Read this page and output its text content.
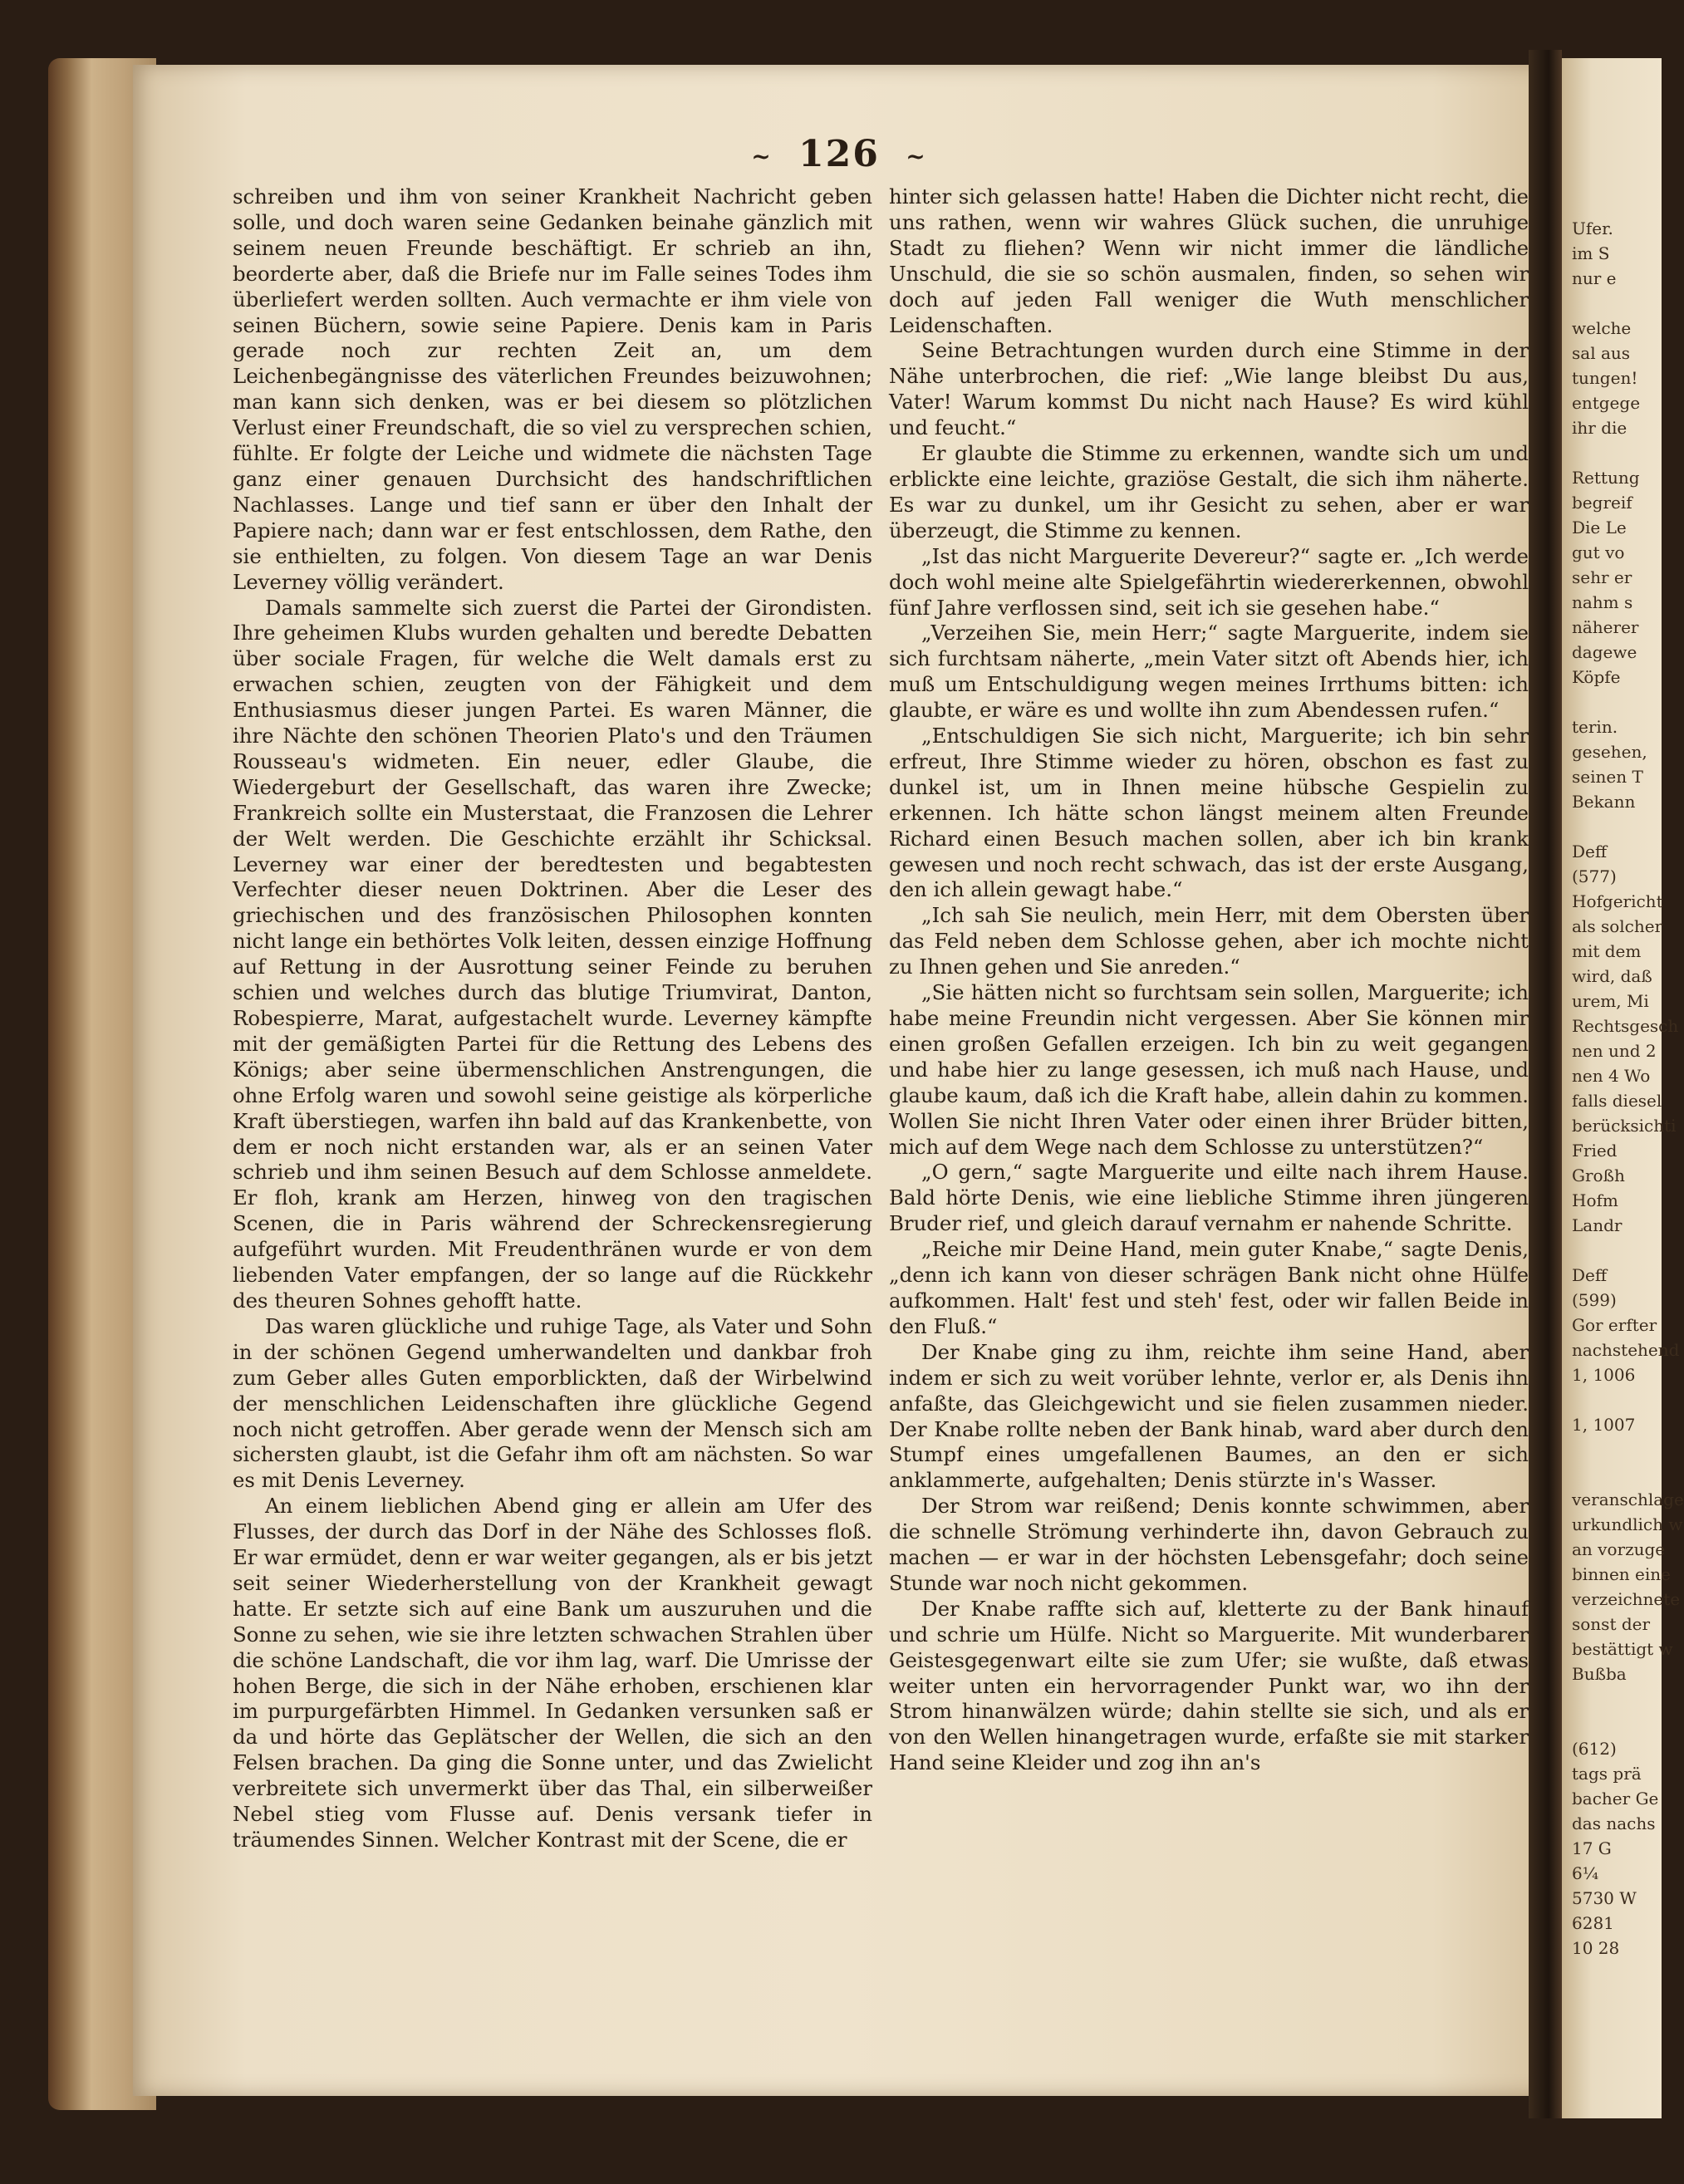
Ufer.
im S
nur e

welche
sal aus
tungen!
entgege
ihr die

Rettung
begreif
Die Le
gut vo
sehr er
nahm s
näherer
dagewe
Köpfe

terin.
gesehen,
seinen T
Bekann

Deff
(577)
Hofgericht
als solcher
mit dem
wird, daß
urem, Mi
Rechtsgesch
nen und 2
nen 4 Wo
falls diesel
berücksichti
Fried
Großh
Hofm
Landr

Deff
(599)
Gor erfter
nachstehend
1, 1006

1, 1007

veranschlage
urkundlich w
an vorzuge
binnen eine
verzeichnete
sonst der
bestättigt w
Bußba

(612)
tags prä
bacher Ge
das nachs
17 G
6¼
5730 W
6281
10 28
~ 126 ~

schreiben und ihm von seiner Krankheit Nachricht geben solle, und doch waren seine Gedanken beinahe gänzlich mit seinem neuen Freunde beschäftigt. Er schrieb an ihn, beorderte aber, daß die Briefe nur im Falle seines Todes ihm überliefert werden sollten. Auch vermachte er ihm viele von seinen Büchern, sowie seine Papiere. Denis kam in Paris gerade noch zur rechten Zeit an, um dem Leichenbegängnisse des väterlichen Freundes beizuwohnen; man kann sich denken, was er bei diesem so plötzlichen Verlust einer Freundschaft, die so viel zu versprechen schien, fühlte. Er folgte der Leiche und widmete die nächsten Tage ganz einer genauen Durchsicht des handschriftlichen Nachlasses. Lange und tief sann er über den Inhalt der Papiere nach; dann war er fest entschlossen, dem Rathe, den sie enthielten, zu folgen. Von diesem Tage an war Denis Leverney völlig verändert.

Damals sammelte sich zuerst die Partei der Girondisten. Ihre geheimen Klubs wurden gehalten und beredte Debatten über sociale Fragen, für welche die Welt damals erst zu erwachen schien, zeugten von der Fähigkeit und dem Enthusiasmus dieser jungen Partei. Es waren Männer, die ihre Nächte den schönen Theorien Plato's und den Träumen Rousseau's widmeten. Ein neuer, edler Glaube, die Wiedergeburt der Gesellschaft, das waren ihre Zwecke; Frankreich sollte ein Musterstaat, die Franzosen die Lehrer der Welt werden. Die Geschichte erzählt ihr Schicksal. Leverney war einer der beredtesten und begabtesten Verfechter dieser neuen Doktrinen. Aber die Leser des griechischen und des französischen Philosophen konnten nicht lange ein bethörtes Volk leiten, dessen einzige Hoffnung auf Rettung in der Ausrottung seiner Feinde zu beruhen schien und welches durch das blutige Triumvirat, Danton, Robespierre, Marat, aufgestachelt wurde. Leverney kämpfte mit der gemäßigten Partei für die Rettung des Lebens des Königs; aber seine übermenschlichen Anstrengungen, die ohne Erfolg waren und sowohl seine geistige als körperliche Kraft überstiegen, warfen ihn bald auf das Krankenbette, von dem er noch nicht erstanden war, als er an seinen Vater schrieb und ihm seinen Besuch auf dem Schlosse anmeldete. Er floh, krank am Herzen, hinweg von den tragischen Scenen, die in Paris während der Schreckensregierung aufgeführt wurden. Mit Freudenthränen wurde er von dem liebenden Vater empfangen, der so lange auf die Rückkehr des theuren Sohnes gehofft hatte.

Das waren glückliche und ruhige Tage, als Vater und Sohn in der schönen Gegend umherwandelten und dankbar froh zum Geber alles Guten emporblickten, daß der Wirbelwind der menschlichen Leidenschaften ihre glückliche Gegend noch nicht getroffen. Aber gerade wenn der Mensch sich am sichersten glaubt, ist die Gefahr ihm oft am nächsten. So war es mit Denis Leverney.

An einem lieblichen Abend ging er allein am Ufer des Flusses, der durch das Dorf in der Nähe des Schlosses floß. Er war ermüdet, denn er war weiter gegangen, als er bis jetzt seit seiner Wiederherstellung von der Krankheit gewagt hatte. Er setzte sich auf eine Bank um auszuruhen und die Sonne zu sehen, wie sie ihre letzten schwachen Strahlen über die schöne Landschaft, die vor ihm lag, warf. Die Umrisse der hohen Berge, die sich in der Nähe erhoben, erschienen klar im purpurgefärbten Himmel. In Gedanken versunken saß er da und hörte das Geplätscher der Wellen, die sich an den Felsen brachen. Da ging die Sonne unter, und das Zwielicht verbreitete sich unvermerkt über das Thal, ein silberweißer Nebel stieg vom Flusse auf. Denis versank tiefer in träumendes Sinnen. Welcher Kontrast mit der Scene, die er

hinter sich gelassen hatte! Haben die Dichter nicht recht, die uns rathen, wenn wir wahres Glück suchen, die unruhige Stadt zu fliehen? Wenn wir nicht immer die ländliche Unschuld, die sie so schön ausmalen, finden, so sehen wir doch auf jeden Fall weniger die Wuth menschlicher Leidenschaften.

Seine Betrachtungen wurden durch eine Stimme in der Nähe unterbrochen, die rief: „Wie lange bleibst Du aus, Vater! Warum kommst Du nicht nach Hause? Es wird kühl und feucht.“

Er glaubte die Stimme zu erkennen, wandte sich um und erblickte eine leichte, graziöse Gestalt, die sich ihm näherte. Es war zu dunkel, um ihr Gesicht zu sehen, aber er war überzeugt, die Stimme zu kennen.

„Ist das nicht Marguerite Devereur?“ sagte er. „Ich werde doch wohl meine alte Spielgefährtin wiedererkennen, obwohl fünf Jahre verflossen sind, seit ich sie gesehen habe.“

„Verzeihen Sie, mein Herr;“ sagte Marguerite, indem sie sich furchtsam näherte, „mein Vater sitzt oft Abends hier, ich muß um Entschuldigung wegen meines Irrthums bitten: ich glaubte, er wäre es und wollte ihn zum Abendessen rufen.“

„Entschuldigen Sie sich nicht, Marguerite; ich bin sehr erfreut, Ihre Stimme wieder zu hören, obschon es fast zu dunkel ist, um in Ihnen meine hübsche Gespielin zu erkennen. Ich hätte schon längst meinem alten Freunde Richard einen Besuch machen sollen, aber ich bin krank gewesen und noch recht schwach, das ist der erste Ausgang, den ich allein gewagt habe.“

„Ich sah Sie neulich, mein Herr, mit dem Obersten über das Feld neben dem Schlosse gehen, aber ich mochte nicht zu Ihnen gehen und Sie anreden.“

„Sie hätten nicht so furchtsam sein sollen, Marguerite; ich habe meine Freundin nicht vergessen. Aber Sie können mir einen großen Gefallen erzeigen. Ich bin zu weit gegangen und habe hier zu lange gesessen, ich muß nach Hause, und glaube kaum, daß ich die Kraft habe, allein dahin zu kommen. Wollen Sie nicht Ihren Vater oder einen ihrer Brüder bitten, mich auf dem Wege nach dem Schlosse zu unterstützen?“

„O gern,“ sagte Marguerite und eilte nach ihrem Hause. Bald hörte Denis, wie eine liebliche Stimme ihren jüngeren Bruder rief, und gleich darauf vernahm er nahende Schritte.

„Reiche mir Deine Hand, mein guter Knabe,“ sagte Denis, „denn ich kann von dieser schrägen Bank nicht ohne Hülfe aufkommen. Halt' fest und steh' fest, oder wir fallen Beide in den Fluß.“

Der Knabe ging zu ihm, reichte ihm seine Hand, aber indem er sich zu weit vorüber lehnte, verlor er, als Denis ihn anfaßte, das Gleichgewicht und sie fielen zusammen nieder. Der Knabe rollte neben der Bank hinab, ward aber durch den Stumpf eines umgefallenen Baumes, an den er sich anklammerte, aufgehalten; Denis stürzte in's Wasser.

Der Strom war reißend; Denis konnte schwimmen, aber die schnelle Strömung verhinderte ihn, davon Gebrauch zu machen — er war in der höchsten Lebensgefahr; doch seine Stunde war noch nicht gekommen.

Der Knabe raffte sich auf, kletterte zu der Bank hinauf und schrie um Hülfe. Nicht so Marguerite. Mit wunderbarer Geistesgegenwart eilte sie zum Ufer; sie wußte, daß etwas weiter unten ein hervorragender Punkt war, wo ihn der Strom hinanwälzen würde; dahin stellte sie sich, und als er von den Wellen hinangetragen wurde, erfaßte sie mit starker Hand seine Kleider und zog ihn an's
